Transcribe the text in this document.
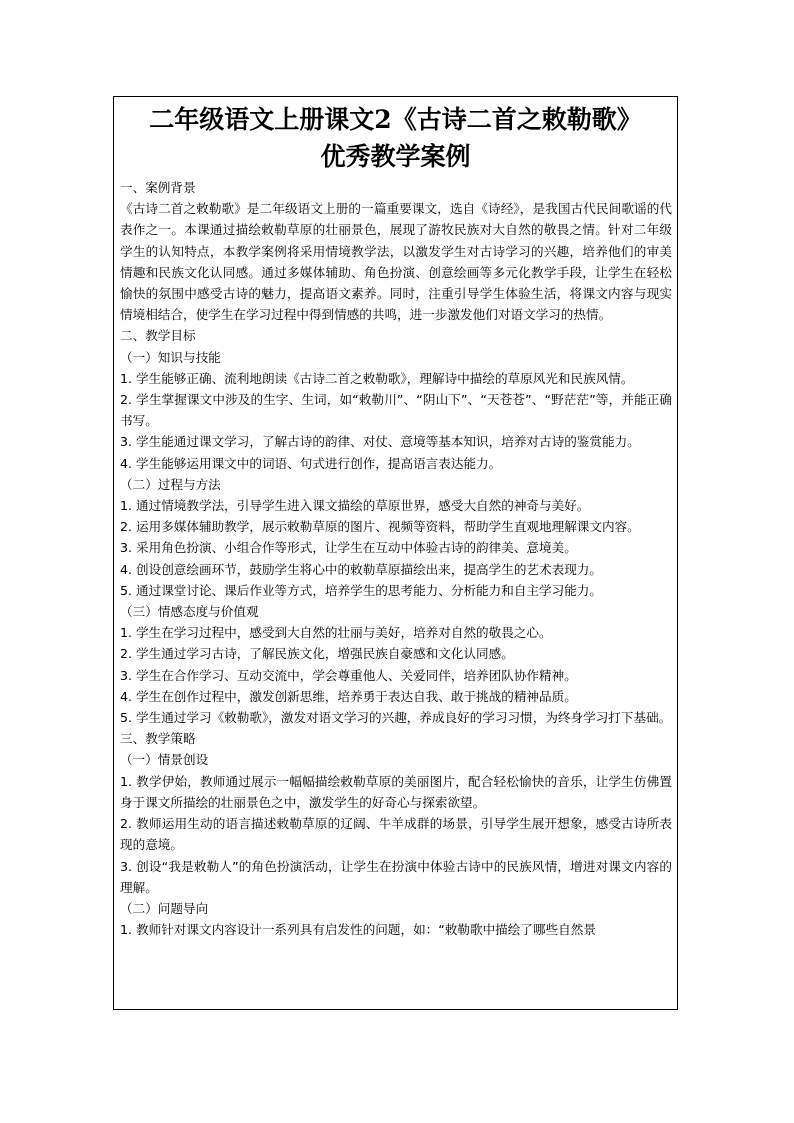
二年级语文上册课文2《古诗二首之敕勒歌》
优秀教学案例

一、案例背景

《古诗二首之敕勒歌》是二年级语文上册的一篇重要课文，选自《诗经》，是我国古代民间歌谣的代表作之一。本课通过描绘敕勒草原的壮丽景色，展现了游牧民族对大自然的敬畏之情。针对二年级学生的认知特点，本教学案例将采用情境教学法，以激发学生对古诗学习的兴趣，培养他们的审美情趣和民族文化认同感。通过多媒体辅助、角色扮演、创意绘画等多元化教学手段，让学生在轻松愉快的氛围中感受古诗的魅力，提高语文素养。同时，注重引导学生体验生活，将课文内容与现实情境相结合，使学生在学习过程中得到情感的共鸣，进一步激发他们对语文学习的热情。

二、教学目标

（一）知识与技能

1. 学生能够正确、流利地朗读《古诗二首之敕勒歌》，理解诗中描绘的草原风光和民族风情。

2. 学生掌握课文中涉及的生字、生词，如“敕勒川”、“阴山下”、“天苍苍”、“野茫茫”等，并能正确书写。

3. 学生能通过课文学习，了解古诗的韵律、对仗、意境等基本知识，培养对古诗的鉴赏能力。

4. 学生能够运用课文中的词语、句式进行创作，提高语言表达能力。

（二）过程与方法

1. 通过情境教学法，引导学生进入课文描绘的草原世界，感受大自然的神奇与美好。

2. 运用多媒体辅助教学，展示敕勒草原的图片、视频等资料，帮助学生直观地理解课文内容。

3. 采用角色扮演、小组合作等形式，让学生在互动中体验古诗的韵律美、意境美。

4. 创设创意绘画环节，鼓励学生将心中的敕勒草原描绘出来，提高学生的艺术表现力。

5. 通过课堂讨论、课后作业等方式，培养学生的思考能力、分析能力和自主学习能力。

（三）情感态度与价值观

1. 学生在学习过程中，感受到大自然的壮丽与美好，培养对自然的敬畏之心。

2. 学生通过学习古诗，了解民族文化，增强民族自豪感和文化认同感。

3. 学生在合作学习、互动交流中，学会尊重他人、关爱同伴，培养团队协作精神。

4. 学生在创作过程中，激发创新思维，培养勇于表达自我、敢于挑战的精神品质。

5. 学生通过学习《敕勒歌》，激发对语文学习的兴趣，养成良好的学习习惯，为终身学习打下基础。

三、教学策略

（一）情景创设

1. 教学伊始，教师通过展示一幅幅描绘敕勒草原的美丽图片，配合轻松愉快的音乐，让学生仿佛置身于课文所描绘的壮丽景色之中，激发学生的好奇心与探索欲望。

2. 教师运用生动的语言描述敕勒草原的辽阔、牛羊成群的场景，引导学生展开想象，感受古诗所表现的意境。

3. 创设“我是敕勒人”的角色扮演活动，让学生在扮演中体验古诗中的民族风情，增进对课文内容的理解。

（二）问题导向

1. 教师针对课文内容设计一系列具有启发性的问题，如：“敕勒歌中描绘了哪些自然景
